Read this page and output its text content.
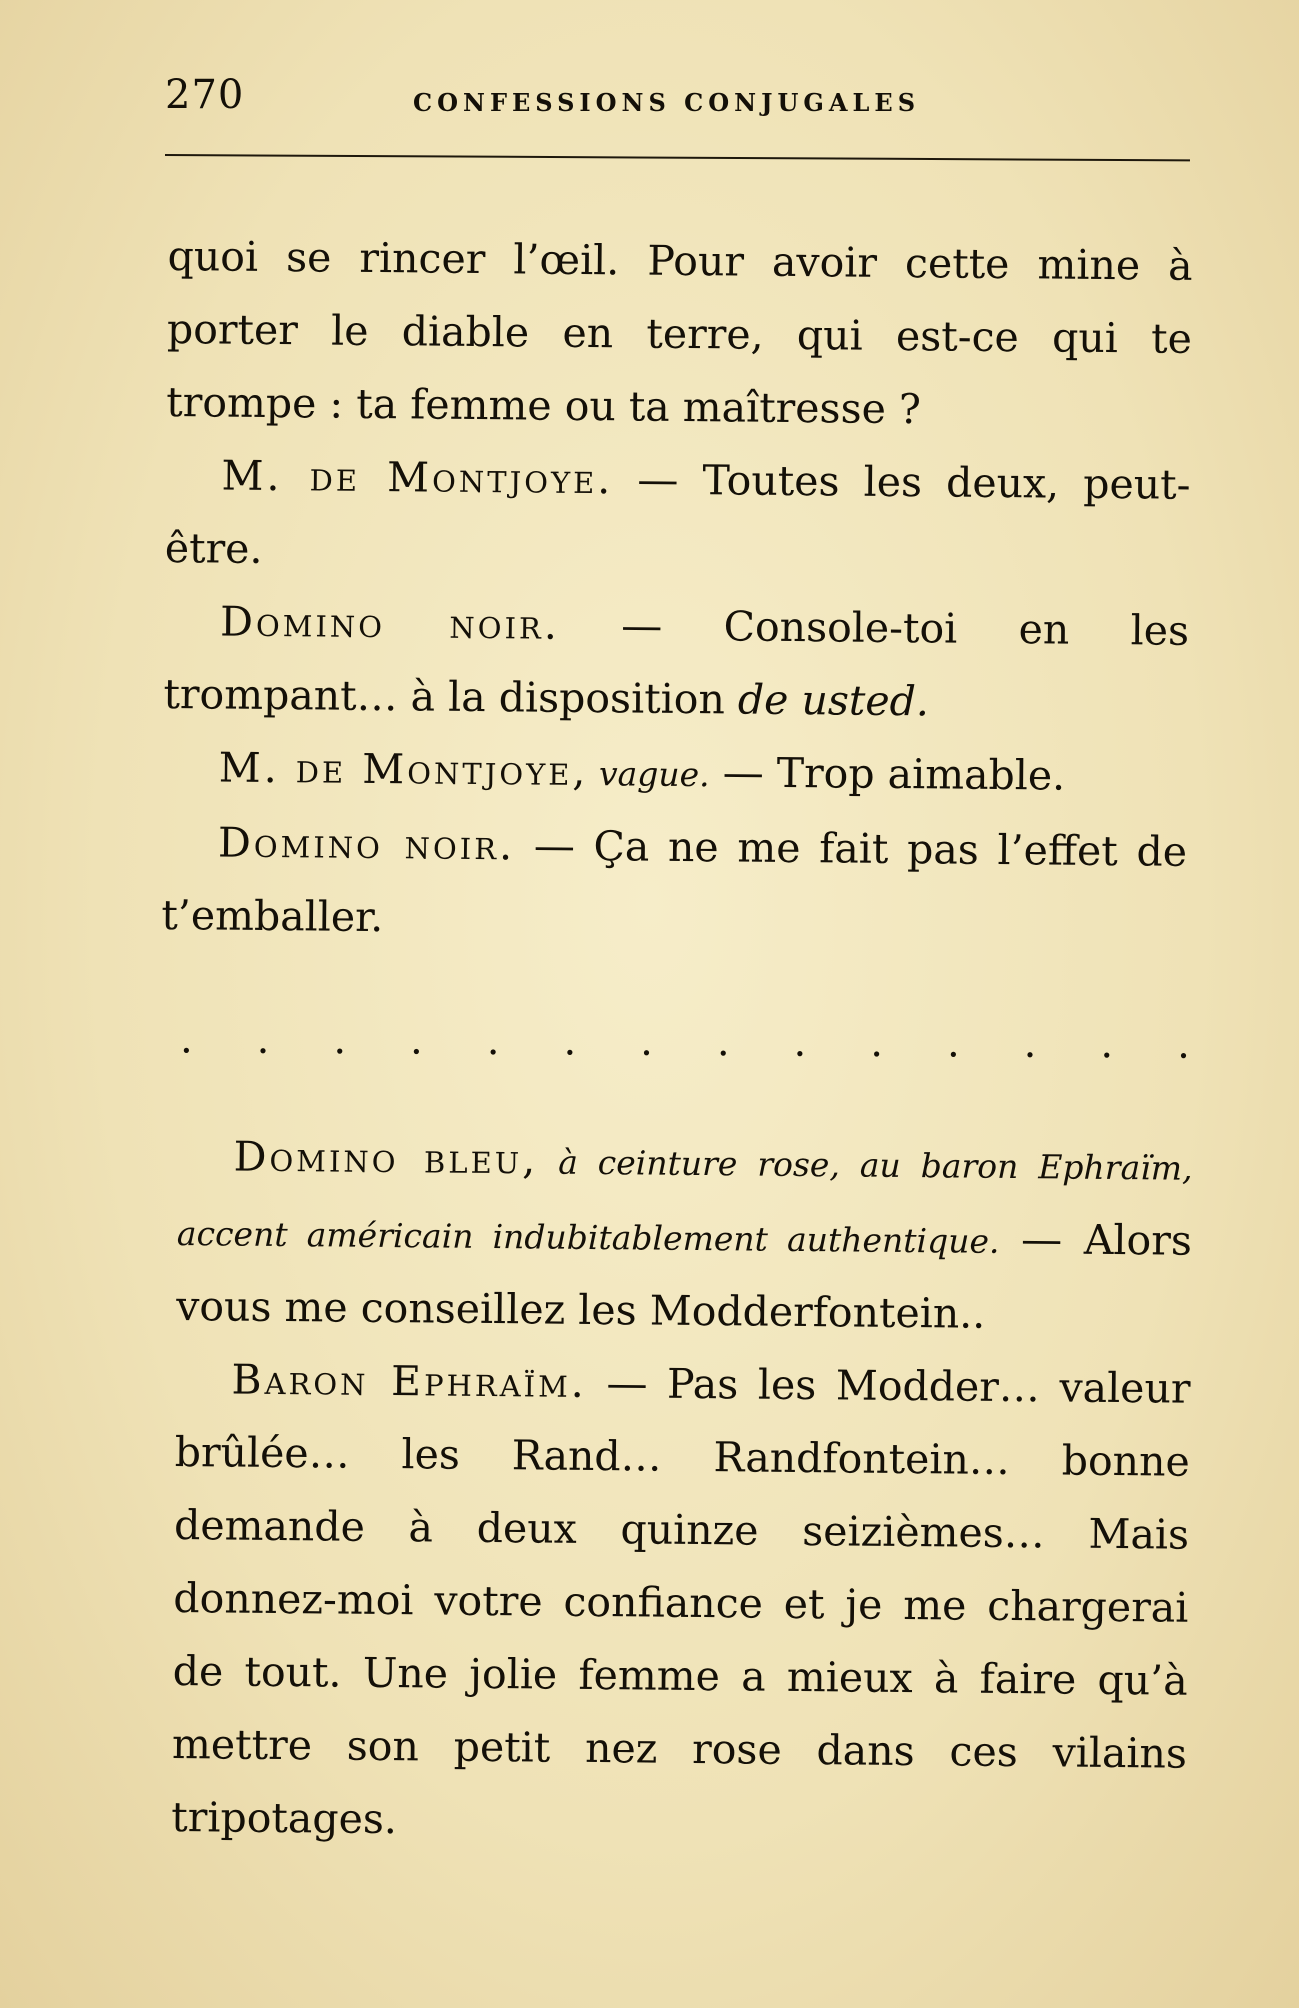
270	CONFESSIONS CONJUGALES

quoi se rincer l’œil. Pour avoir cette mine à porter le diable en terre, qui est-ce qui te trompe : ta femme ou ta maîtresse ?

M. de Montjoye. — Toutes les deux, peut-être.

Domino noir. — Console-toi en les trompant… à la disposition de usted.

M. de Montjoye, vague. — Trop aimable.

Domino noir. — Ça ne me fait pas l’effet de t’emballer.

. . . . . . . . . . . . . .

Domino bleu, à ceinture rose, au baron Ephraïm, accent américain indubitablement authentique. — Alors vous me conseillez les Modderfontein..

Baron Ephraïm. — Pas les Modder… valeur brûlée… les Rand… Randfontein… bonne demande à deux quinze seizièmes… Mais donnez-moi votre confiance et je me chargerai de tout. Une jolie femme a mieux à faire qu’à mettre son petit nez rose dans ces vilains tripotages.
